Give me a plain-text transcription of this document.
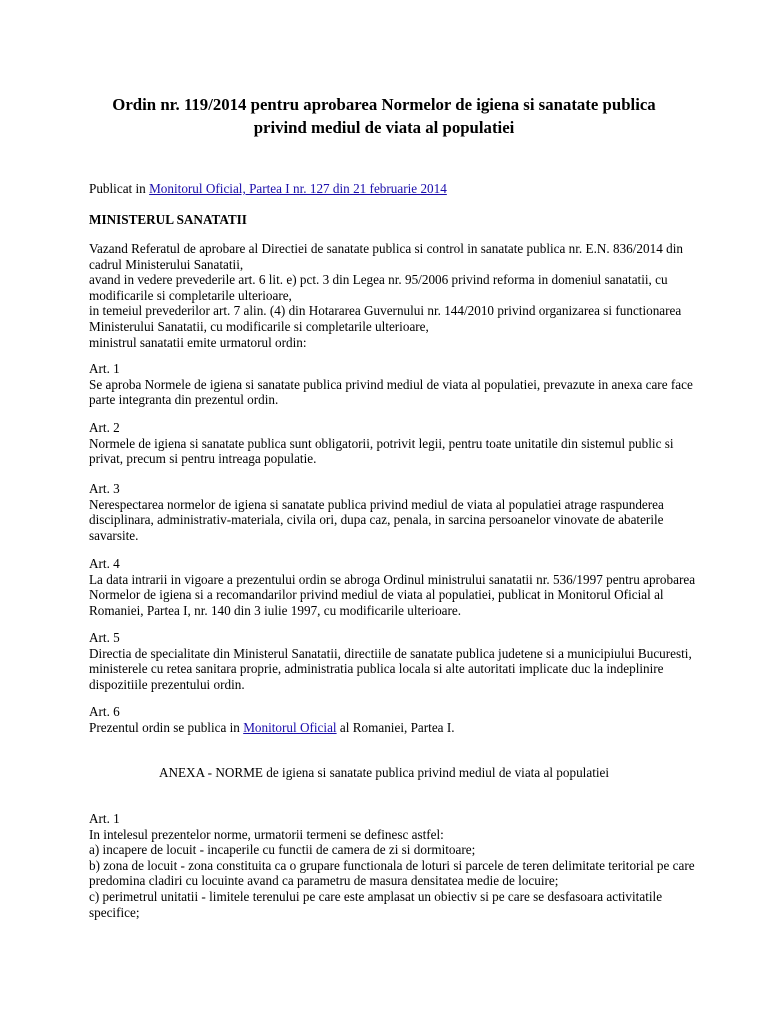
Ordin nr. 119/2014 pentru aprobarea Normelor de igiena si sanatate publica
privind mediul de viata al populatiei
Publicat in Monitorul Oficial, Partea I nr. 127 din 21 februarie 2014
MINISTERUL SANATATII
Vazand Referatul de aprobare al Directiei de sanatate publica si control in sanatate publica nr. E.N. 836/2014 din
cadrul Ministerului Sanatatii,
avand in vedere prevederile art. 6 lit. e) pct. 3 din Legea nr. 95/2006 privind reforma in domeniul sanatatii, cu
modificarile si completarile ulterioare,
in temeiul prevederilor art. 7 alin. (4) din Hotararea Guvernului nr. 144/2010 privind organizarea si functionarea
Ministerului Sanatatii, cu modificarile si completarile ulterioare,
ministrul sanatatii emite urmatorul ordin:
Art. 1
Se aproba Normele de igiena si sanatate publica privind mediul de viata al populatiei, prevazute in anexa care face
parte integranta din prezentul ordin.
Art. 2
Normele de igiena si sanatate publica sunt obligatorii, potrivit legii, pentru toate unitatile din sistemul public si
privat, precum si pentru intreaga populatie.
Art. 3
Nerespectarea normelor de igiena si sanatate publica privind mediul de viata al populatiei atrage raspunderea
disciplinara, administrativ-materiala, civila ori, dupa caz, penala, in sarcina persoanelor vinovate de abaterile
savarsite.
Art. 4
La data intrarii in vigoare a prezentului ordin se abroga Ordinul ministrului sanatatii nr. 536/1997 pentru aprobarea
Normelor de igiena si a recomandarilor privind mediul de viata al populatiei, publicat in Monitorul Oficial al
Romaniei, Partea I, nr. 140 din 3 iulie 1997, cu modificarile ulterioare.
Art. 5
Directia de specialitate din Ministerul Sanatatii, directiile de sanatate publica judetene si a municipiului Bucuresti,
ministerele cu retea sanitara proprie, administratia publica locala si alte autoritati implicate duc la indeplinire
dispozitiile prezentului ordin.
Art. 6
Prezentul ordin se publica in Monitorul Oficial al Romaniei, Partea I.
ANEXA - NORME de igiena si sanatate publica privind mediul de viata al populatiei
Art. 1
In intelesul prezentelor norme, urmatorii termeni se definesc astfel:
a) incapere de locuit - incaperile cu functii de camera de zi si dormitoare;
b) zona de locuit - zona constituita ca o grupare functionala de loturi si parcele de teren delimitate teritorial pe care
predomina cladiri cu locuinte avand ca parametru de masura densitatea medie de locuire;
c) perimetrul unitatii - limitele terenului pe care este amplasat un obiectiv si pe care se desfasoara activitatile
specifice;
